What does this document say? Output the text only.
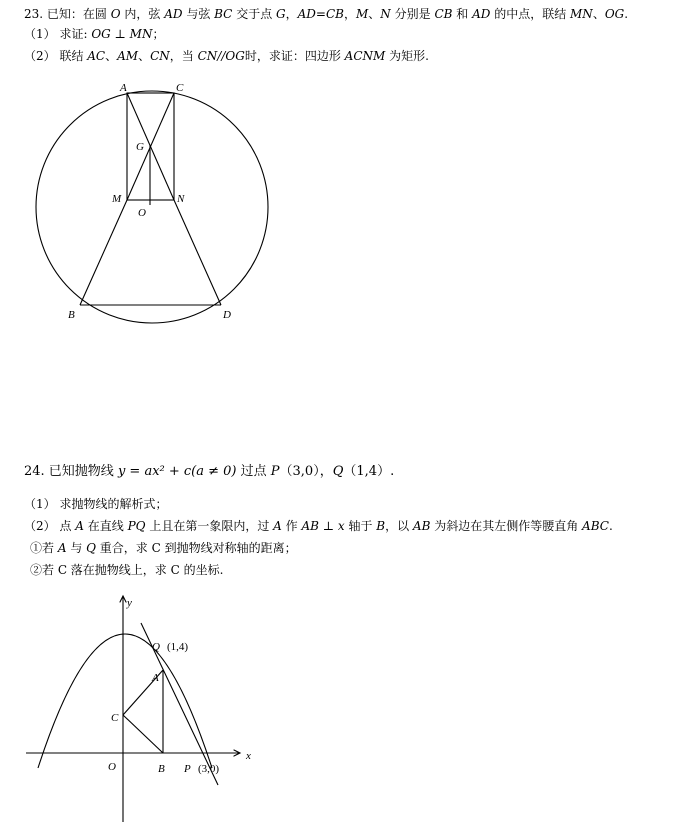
23. 已知：在圆 O 内，弦 AD 与弦 BC 交于点 G，AD=CB，M、N 分别是 CB 和 AD 的中点，联结 MN、OG.
（1） 求证: OG ⊥ MN；
（2） 联结 AC、AM、CN，当 CN//OG时，求证：四边形 ACNM 为矩形.
A	C
G
M	N
O
B	D
24. 已知抛物线 y = ax² + c(a ≠ 0) 过点 P（3,0），Q（1,4）.
（1） 求抛物线的解析式；
（2） 点 A 在直线 PQ 上且在第一象限内，过 A 作 AB ⊥ x 轴于 B，以 AB 为斜边在其左侧作等腰直角 ABC.
①若 A 与 Q 重合，求 C 到抛物线对称轴的距离；
②若 C 落在抛物线上，求 C 的坐标.
y
x
Q (1,4)
A
C
O	B P (3,0)
